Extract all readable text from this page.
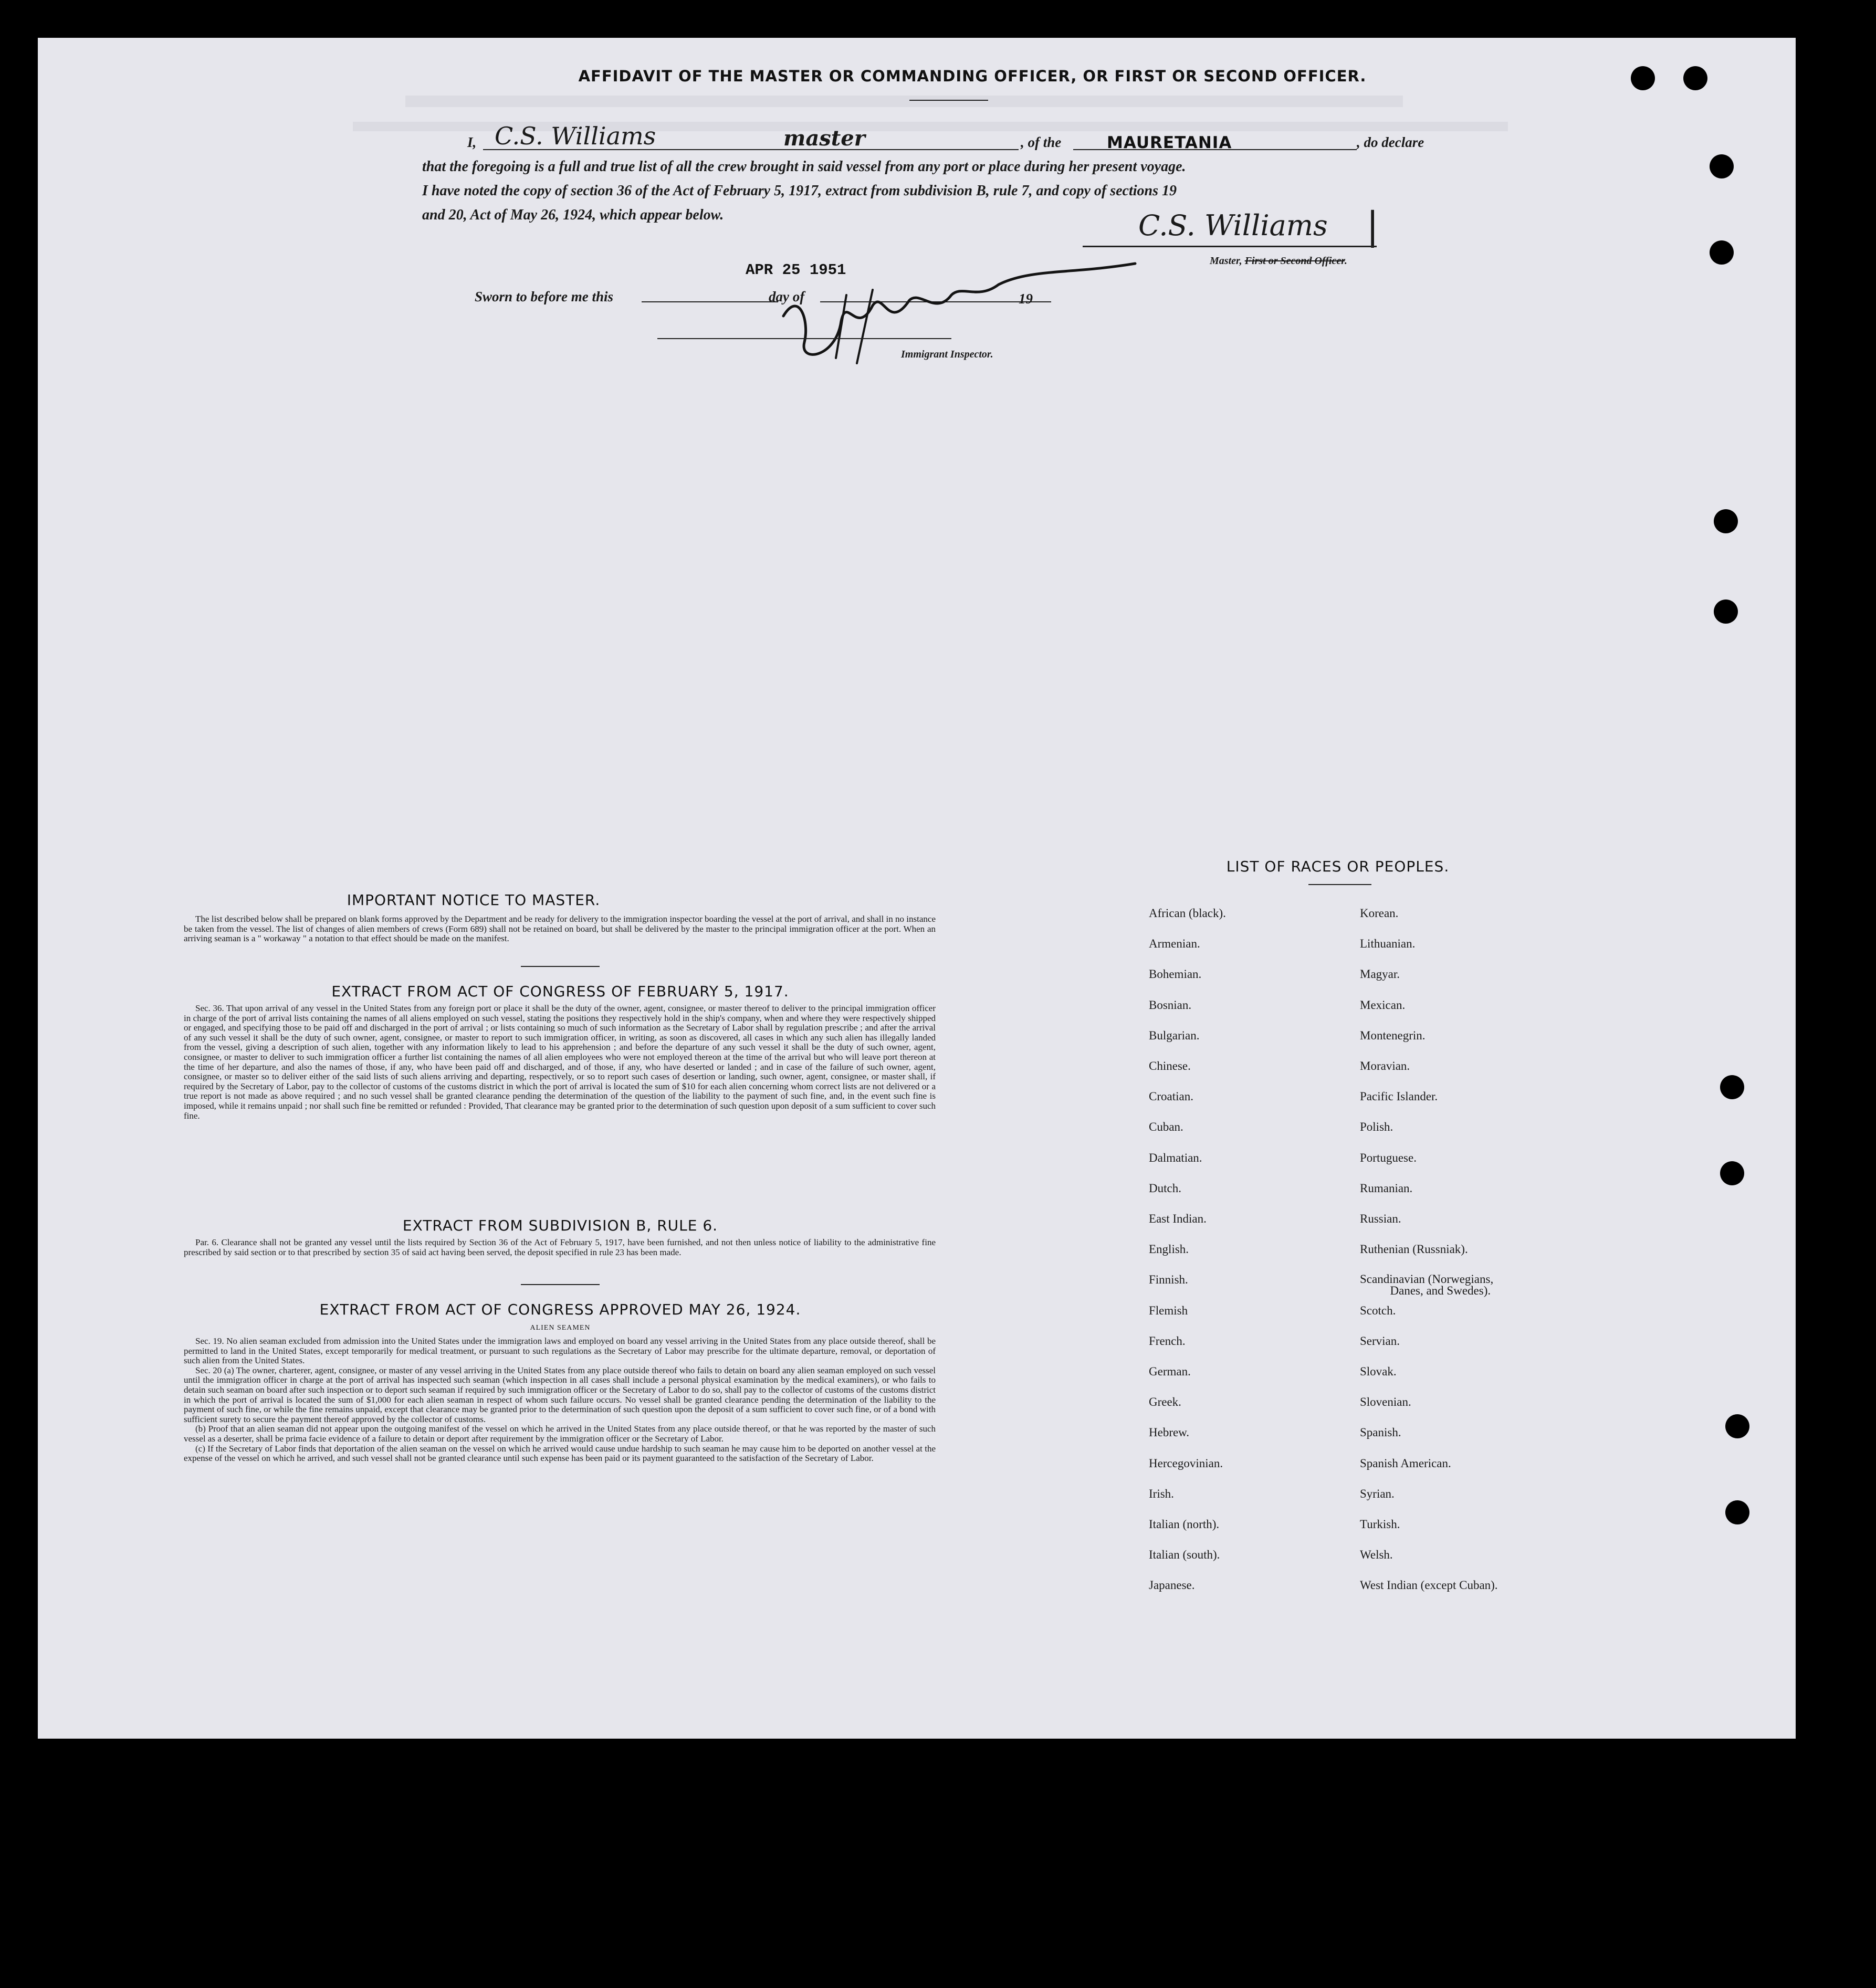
AFFIDAVIT OF THE MASTER OR COMMANDING OFFICER, OR FIRST OR SECOND OFFICER.
I, C.S. Williams	master	, of the	MAURETANIA	, do declare
that the foregoing is a full and true list of all the crew brought in said vessel from any port or place during her present voyage.
I have noted the copy of section 36 of the Act of February 5, 1917, extract from subdivision B, rule 7, and copy of sections 19
and 20, Act of May 26, 1924, which appear below.	C.S. Williams |
Master, First or Second Officer.
APR 25 1951
Sworn to before me this	day of	19
Immigrant Inspector.
IMPORTANT NOTICE TO MASTER.

The list described below shall be prepared on blank forms approved by the Department and be ready for delivery to the immigration inspector boarding the vessel at the port of arrival, and shall in no instance be taken from the vessel. The list of changes of alien members of crews (Form 689) shall not be retained on board, but shall be delivered by the master to the principal immigration officer at the port. When an arriving seaman is a " workaway " a notation to that effect should be made on the manifest.

EXTRACT FROM ACT OF CONGRESS OF FEBRUARY 5, 1917.

Sec. 36. That upon arrival of any vessel in the United States from any foreign port or place it shall be the duty of the owner, agent, consignee, or master thereof to deliver to the principal immigration officer in charge of the port of arrival lists containing the names of all aliens employed on such vessel, stating the positions they respectively hold in the ship's company, when and where they were respectively shipped or engaged, and specifying those to be paid off and discharged in the port of arrival ; or lists containing so much of such information as the Secretary of Labor shall by regulation prescribe ; and after the arrival of any such vessel it shall be the duty of such owner, agent, consignee, or master to report to such immigration officer, in writing, as soon as discovered, all cases in which any such alien has illegally landed from the vessel, giving a description of such alien, together with any information likely to lead to his apprehension ; and before the departure of any such vessel it shall be the duty of such owner, agent, consignee, or master to deliver to such immigration officer a further list containing the names of all alien employees who were not employed thereon at the time of the arrival but who will leave port thereon at the time of her departure, and also the names of those, if any, who have been paid off and discharged, and of those, if any, who have deserted or landed ; and in case of the failure of such owner, agent, consignee, or master so to deliver either of the said lists of such aliens arriving and departing, respectively, or so to report such cases of desertion or landing, such owner, agent, consignee, or master shall, if required by the Secretary of Labor, pay to the collector of customs of the customs district in which the port of arrival is located the sum of $10 for each alien concerning whom correct lists are not delivered or a true report is not made as above required ; and no such vessel shall be granted clearance pending the determination of the question of the liability to the payment of such fine, and, in the event such fine is imposed, while it remains unpaid ; nor shall such fine be remitted or refunded : Provided, That clearance may be granted prior to the determination of such question upon deposit of a sum sufficient to cover such fine.

EXTRACT FROM SUBDIVISION B, RULE 6.

Par. 6. Clearance shall not be granted any vessel until the lists required by Section 36 of the Act of February 5, 1917, have been furnished, and not then unless notice of liability to the administrative fine prescribed by said section or to that prescribed by section 35 of said act having been served, the deposit specified in rule 23 has been made.

EXTRACT FROM ACT OF CONGRESS APPROVED MAY 26, 1924.
ALIEN SEAMEN

Sec. 19. No alien seaman excluded from admission into the United States under the immigration laws and employed on board any vessel arriving in the United States from any place outside thereof, shall be permitted to land in the United States, except temporarily for medical treatment, or pursuant to such regulations as the Secretary of Labor may prescribe for the ultimate departure, removal, or deportation of such alien from the United States.

Sec. 20 (a) The owner, charterer, agent, consignee, or master of any vessel arriving in the United States from any place outside thereof who fails to detain on board any alien seaman employed on such vessel until the immigration officer in charge at the port of arrival has inspected such seaman (which inspection in all cases shall include a personal physical examination by the medical examiners), or who fails to detain such seaman on board after such inspection or to deport such seaman if required by such immigration officer or the Secretary of Labor to do so, shall pay to the collector of customs of the customs district in which the port of arrival is located the sum of $1,000 for each alien seaman in respect of whom such failure occurs. No vessel shall be granted clearance pending the determination of the liability to the payment of such fine, or while the fine remains unpaid, except that clearance may be granted prior to the determination of such question upon the deposit of a sum sufficient to cover such fine, or of a bond with sufficient surety to secure the payment thereof approved by the collector of customs.

(b) Proof that an alien seaman did not appear upon the outgoing manifest of the vessel on which he arrived in the United States from any place outside thereof, or that he was reported by the master of such vessel as a deserter, shall be prima facie evidence of a failure to detain or deport after requirement by the immigration officer or the Secretary of Labor.

(c) If the Secretary of Labor finds that deportation of the alien seaman on the vessel on which he arrived would cause undue hardship to such seaman he may cause him to be deported on another vessel at the expense of the vessel on which he arrived, and such vessel shall not be granted clearance until such expense has been paid or its payment guaranteed to the satisfaction of the Secretary of Labor.

LIST OF RACES OR PEOPLES.
African (black).
Armenian.
Bohemian.
Bosnian.
Bulgarian.
Chinese.
Croatian.
Cuban.
Dalmatian.
Dutch.
East Indian.
English.
Finnish.
Flemish
French.
German.
Greek.
Hebrew.
Hercegovinian.
Irish.
Italian (north).
Italian (south).
Japanese.
Korean.
Lithuanian.
Magyar.
Mexican.
Montenegrin.
Moravian.
Pacific Islander.
Polish.
Portuguese.
Rumanian.
Russian.
Ruthenian (Russniak).
Scandinavian (Norwegians,
Danes, and Swedes).
Scotch.
Servian.
Slovak.
Slovenian.
Spanish.
Spanish American.
Syrian.
Turkish.
Welsh.
West Indian (except Cuban).
